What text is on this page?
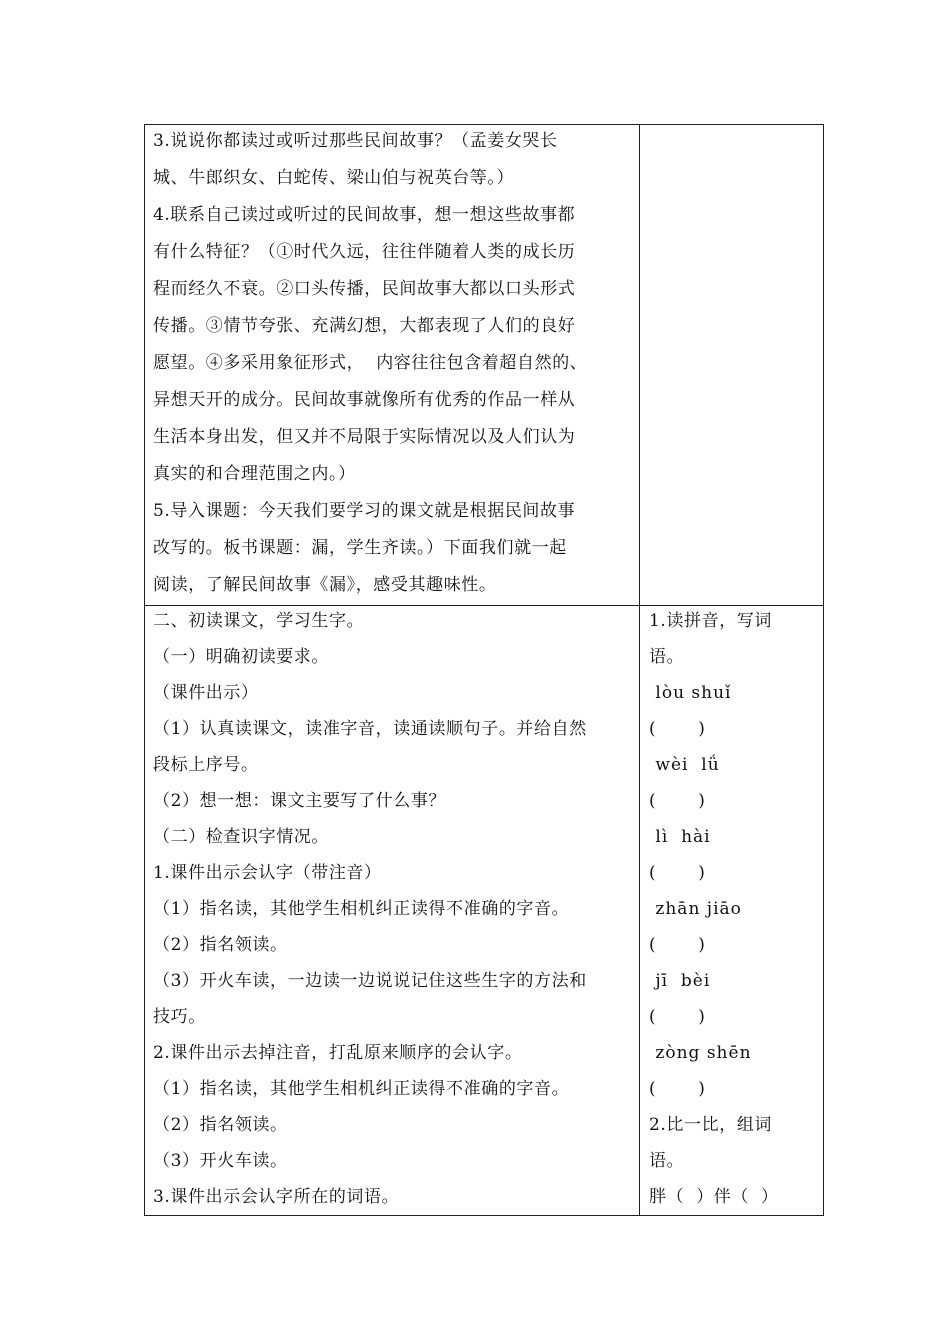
3.说说你都读过或听过那些民间故事？（孟姜女哭长
城、牛郎织女、白蛇传、梁山伯与祝英台等。）
4.联系自己读过或听过的民间故事，想一想这些故事都
有什么特征？（①时代久远，往往伴随着人类的成长历
程而经久不衰。②口头传播，民间故事大都以口头形式
传播。③情节夸张、充满幻想，大都表现了人们的良好
愿望。④多采用象征形式，  内容往往包含着超自然的、
异想天开的成分。民间故事就像所有优秀的作品一样从
生活本身出发，但又并不局限于实际情况以及人们认为
真实的和合理范围之内。）
5.导入课题：今天我们要学习的课文就是根据民间故事
改写的。板书课题：漏，学生齐读。）下面我们就一起
阅读，了解民间故事《漏》，感受其趣味性。
二、初读课文，学习生字。
（一）明确初读要求。
（课件出示）
（1）认真读课文，读准字音，读通读顺句子。并给自然
段标上序号。
（2）想一想：课文主要写了什么事？
（二）检查识字情况。
1.课件出示会认字（带注音）
（1）指名读，其他学生相机纠正读得不准确的字音。
（2）指名领读。
（3）开火车读，一边读一边说说记住这些生字的方法和
技巧。
2.课件出示去掉注音，打乱原来顺序的会认字。
（1）指名读，其他学生相机纠正读得不准确的字音。
（2）指名领读。
（3）开火车读。
3.课件出示会认字所在的词语。
1.读拼音，写词
语。
lòu shuǐ
(       )
wèi  lǘ
(       )
lì  hài
(       )
zhān jiāo
(       )
jī  bèi
(       )
zòng shēn
(       )
2.比一比，组词
语。
胖（  ）伴（  ）
